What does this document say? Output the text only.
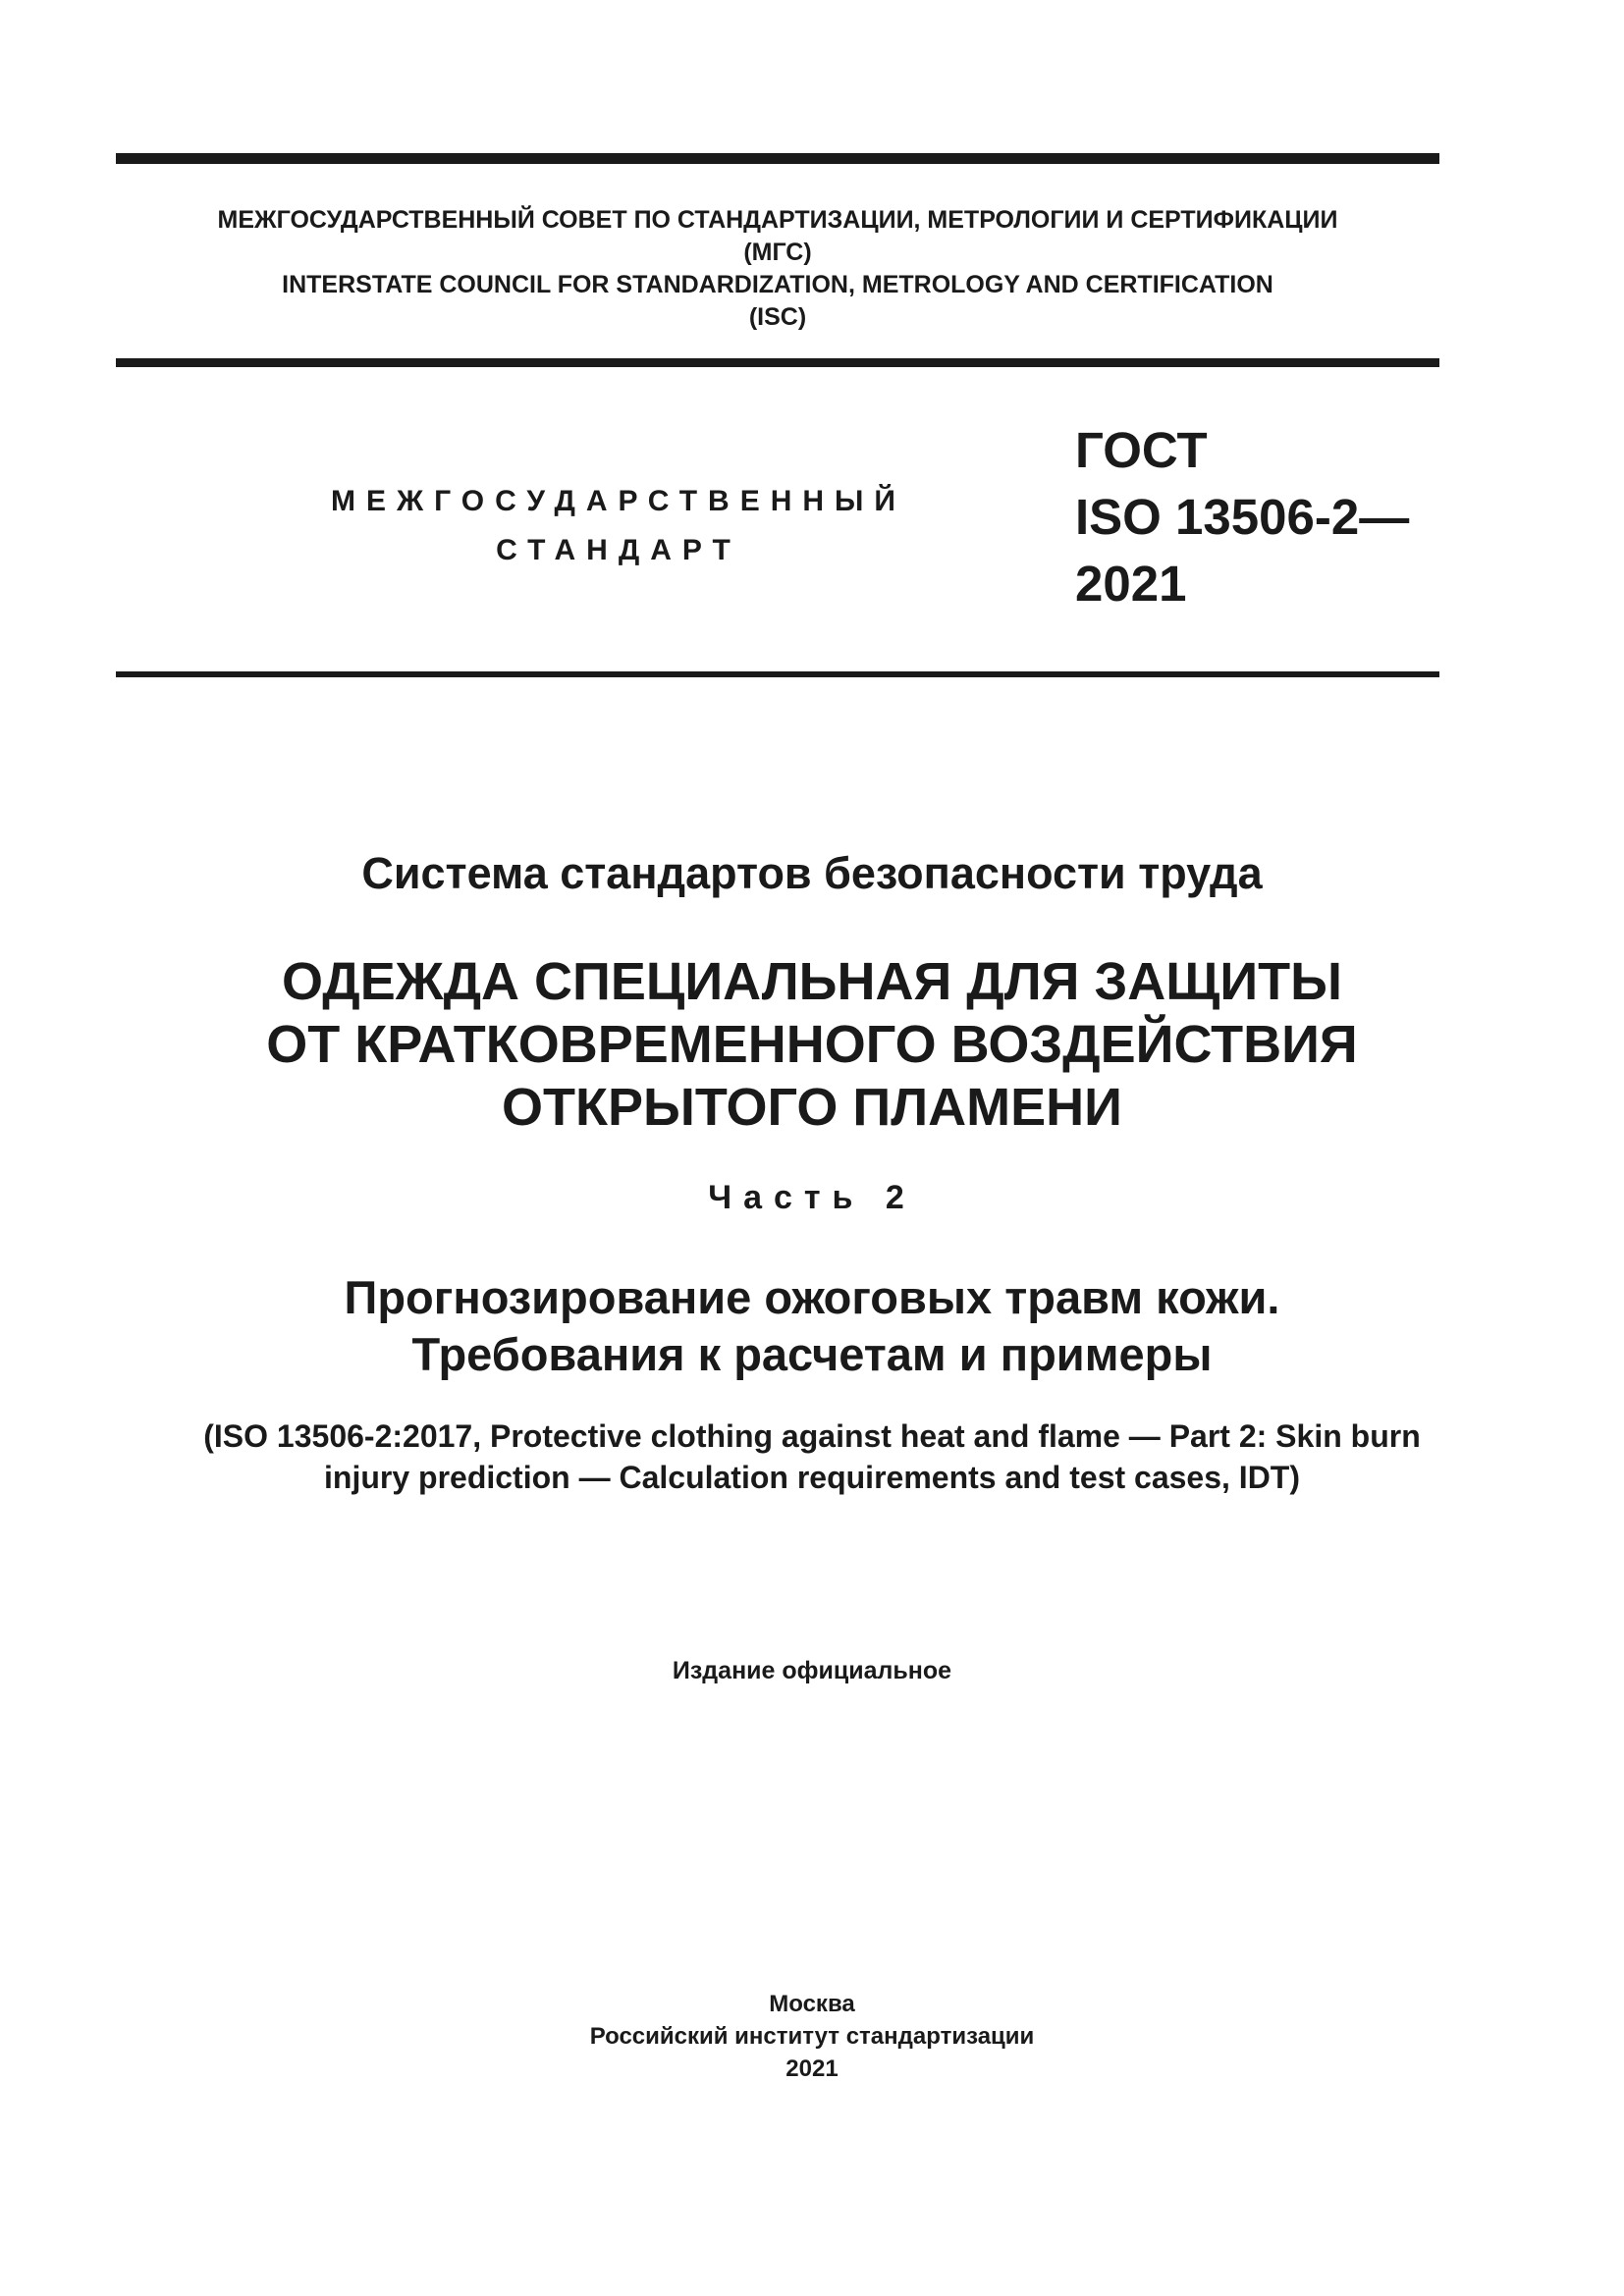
МЕЖГОСУДАРСТВЕННЫЙ СОВЕТ ПО СТАНДАРТИЗАЦИИ, МЕТРОЛОГИИ И СЕРТИФИКАЦИИ
(МГС)
INTERSTATE COUNCIL FOR STANDARDIZATION, METROLOGY AND CERTIFICATION
(ISC)
МЕЖГОСУДАРСТВЕННЫЙ
СТАНДАРТ
ГОСТ
ISO 13506-2—
2021
Система стандартов безопасности труда
ОДЕЖДА СПЕЦИАЛЬНАЯ ДЛЯ ЗАЩИТЫ
ОТ КРАТКОВРЕМЕННОГО ВОЗДЕЙСТВИЯ
ОТКРЫТОГО ПЛАМЕНИ
Часть 2
Прогнозирование ожоговых травм кожи.
Требования к расчетам и примеры
(ISO 13506-2:2017, Protective clothing against heat and flame — Part 2: Skin burn
injury prediction — Calculation requirements and test cases, IDT)
Издание официальное
Москва
Российский институт стандартизации
2021
